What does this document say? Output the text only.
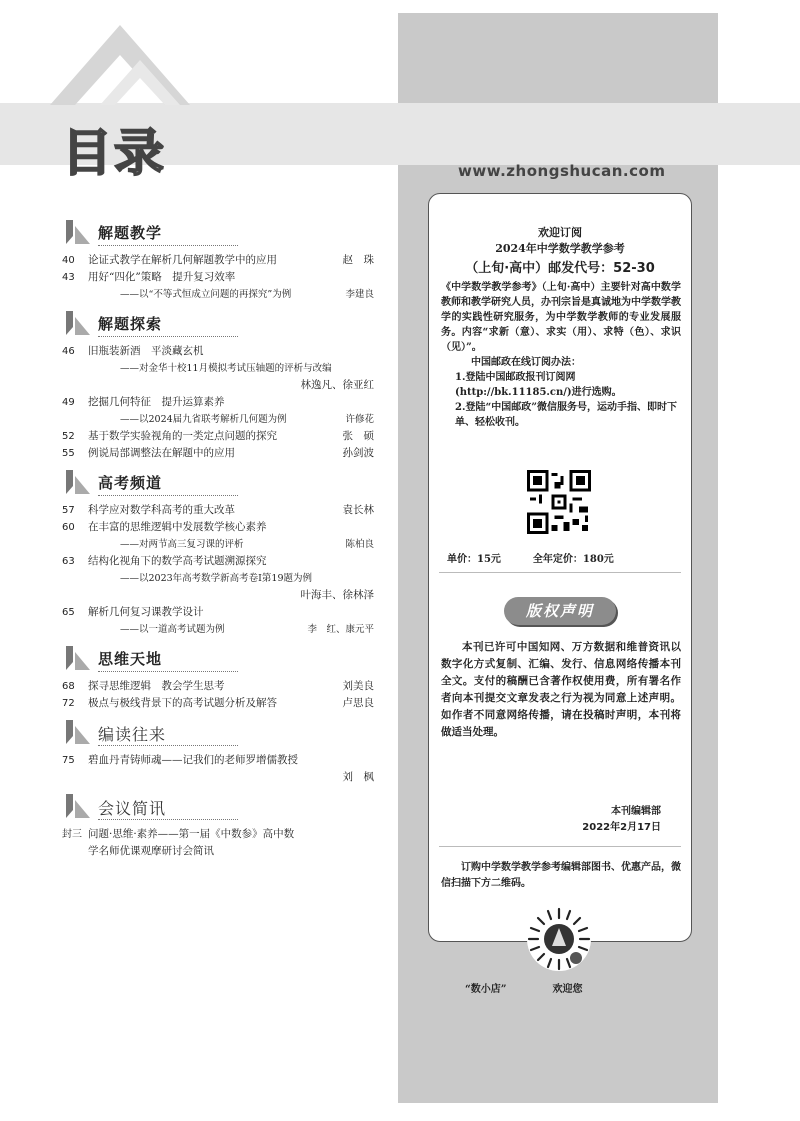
目录	www.zhongshucan.com
解题教学
40	论证式教学在解析几何解题教学中的应用	赵　珠
43	用好“四化”策略　提升复习效率
——以“不等式恒成立问题的再探究”为例	李建良
解题探索
46	旧瓶装新酒　平淡藏玄机
——对金华十校11月模拟考试压轴题的评析与改编
林逸凡、徐亚红
49	挖掘几何特征　提升运算素养
——以2024届九省联考解析几何题为例	许修花
52	基于数学实验视角的一类定点问题的探究	张　硕
55	例说局部调整法在解题中的应用	孙剑波
高考频道
57	科学应对数学科高考的重大改革	袁长林
60	在丰富的思维逻辑中发展数学核心素养
——对两节高三复习课的评析	陈柏良
63	结构化视角下的数学高考试题溯源探究
——以2023年高考数学新高考卷Ⅰ第19题为例
叶海丰、徐林泽
65	解析几何复习课教学设计
——以一道高考试题为例	李　红、康元平
思维天地
68	探寻思维逻辑　教会学生思考	刘美良
72	极点与极线背景下的高考试题分析及解答	卢思良
编读往来
75	碧血丹青铸师魂——记我们的老师罗增儒教授
刘　枫
会议简讯
封三 问题·思维·素养——第一届《中数参》高中数
学名师优课观摩研讨会简讯
欢迎订阅
2024年中学数学教学参考
（上旬·高中）邮发代号：52-30
《中学数学教学参考》（上旬·高中）主要针对高中数学教师和教学研究人员，办刊宗旨是真诚地为中学数学教学的实践性研究服务，为中学数学教师的专业发展服务。内容“求新（意）、求实（用）、求特（色）、求识（见）”。
中国邮政在线订阅办法：
1.登陆中国邮政报刊订阅网(http://bk.11185.cn/)进行选购。
2.登陆“中国邮政”微信服务号，运动手指、即时下单、轻松收刊。
单价：15元	全年定价：180元
版权声明
本刊已许可中国知网、万方数据和维普资讯以数字化方式复制、汇编、发行、信息网络传播本刊全文。支付的稿酬已含著作权使用费，所有署名作者向本刊提交文章发表之行为视为同意上述声明。如作者不同意网络传播，请在投稿时声明，本刊将做适当处理。
本刊编辑部
2022年2月17日
订购中学数学教学参考编辑部图书、优惠产品，微信扫描下方二维码。
“数小店”	欢迎您
